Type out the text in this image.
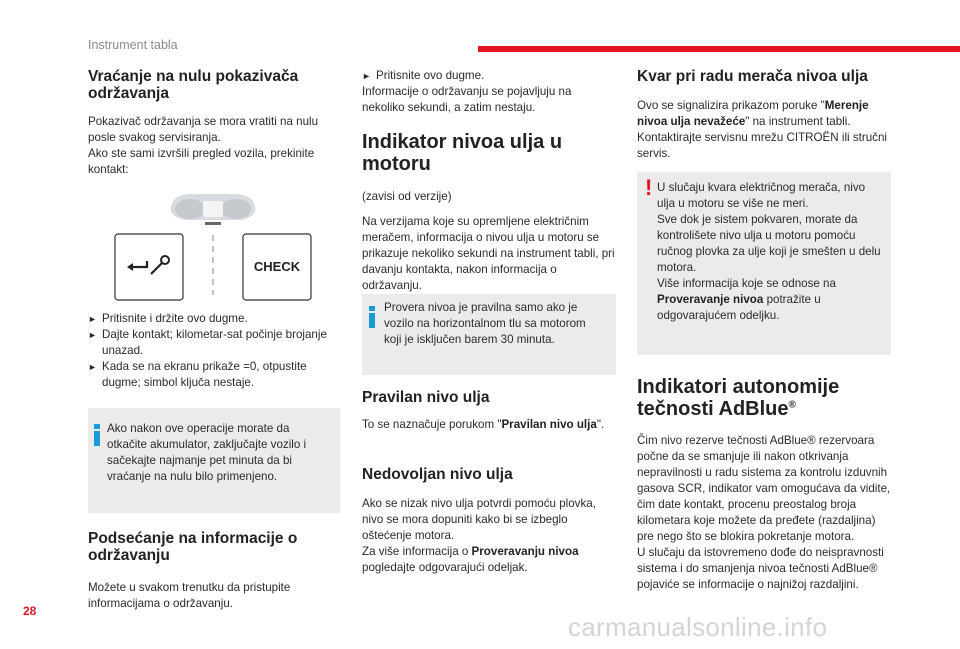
Instrument tabla
Vraćanje na nulu pokazivača održavanja

Pokazivač održavanja se mora vratiti na nulu posle svakog servisiranja.

Ako ste sami izvršili pregled vozila, prekinite kontakt:

CHECK
► Pritisnite i držite ovo dugme.
► Dajte kontakt; kilometar-sat počinje brojanje unazad.
► Kada se na ekranu prikaže =0, otpustite dugme; simbol ključa nestaje.
Ako nakon ove operacije morate da otkačite akumulator, zaključajte vozilo i sačekajte najmanje pet minuta da bi vraćanje na nulu bilo primenjeno.
Podsećanje na informacije o održavanju

Možete u svakom trenutku da pristupite informacijama o održavanju.

► Pritisnite ovo dugme.

Informacije o održavanju se pojavljuju na nekoliko sekundi, a zatim nestaju.

Indikator nivoa ulja u motoru

(zavisi od verzije)

Na verzijama koje su opremljene električnim meračem, informacija o nivou ulja u motoru se prikazuje nekoliko sekundi na instrument tabli, pri davanju kontakta, nakon informacija o održavanju.

Provera nivoa je pravilna samo ako je vozilo na horizontalnom tlu sa motorom koji je isključen barem 30 minuta.
Pravilan nivo ulja

To se naznačuje porukom "Pravilan nivo ulja".

Nedovoljan nivo ulja

Ako se nizak nivo ulja potvrdi pomoću plovka, nivo se mora dopuniti kako bi se izbeglo oštećenje motora.

Za više informacija o Proveravanju nivoa pogledajte odgovarajući odeljak.

Kvar pri radu merača nivoa ulja

Ovo se signalizira prikazom poruke "Merenje nivoa ulja nevažeće" na instrument tabli.

Kontaktirajte servisnu mrežu CITROËN ili stručni servis.

! U slučaju kvara električnog merača, nivo ulja u motoru se više ne meri.
Sve dok je sistem pokvaren, morate da kontrolišete nivo ulja u motoru pomoću ručnog plovka za ulje koji je smešten u delu motora.
Više informacija koje se odnose na Proveravanje nivoa potražite u odgovarajućem odeljku.
Indikatori autonomije tečnosti AdBlue®

Čim nivo rezerve tečnosti AdBlue® rezervoara počne da se smanjuje ili nakon otkrivanja nepravilnosti u radu sistema za kontrolu izduvnih gasova SCR, indikator vam omogućava da vidite, čim date kontakt, procenu preostalog broja kilometara koje možete da pređete (razdaljina) pre nego što se blokira pokretanje motora.

U slučaju da istovremeno dođe do neispravnosti sistema i do smanjenja nivoa tečnosti AdBlue® pojaviće se informacije o najnižoj razdaljini.

28
carmanualsonline.info
